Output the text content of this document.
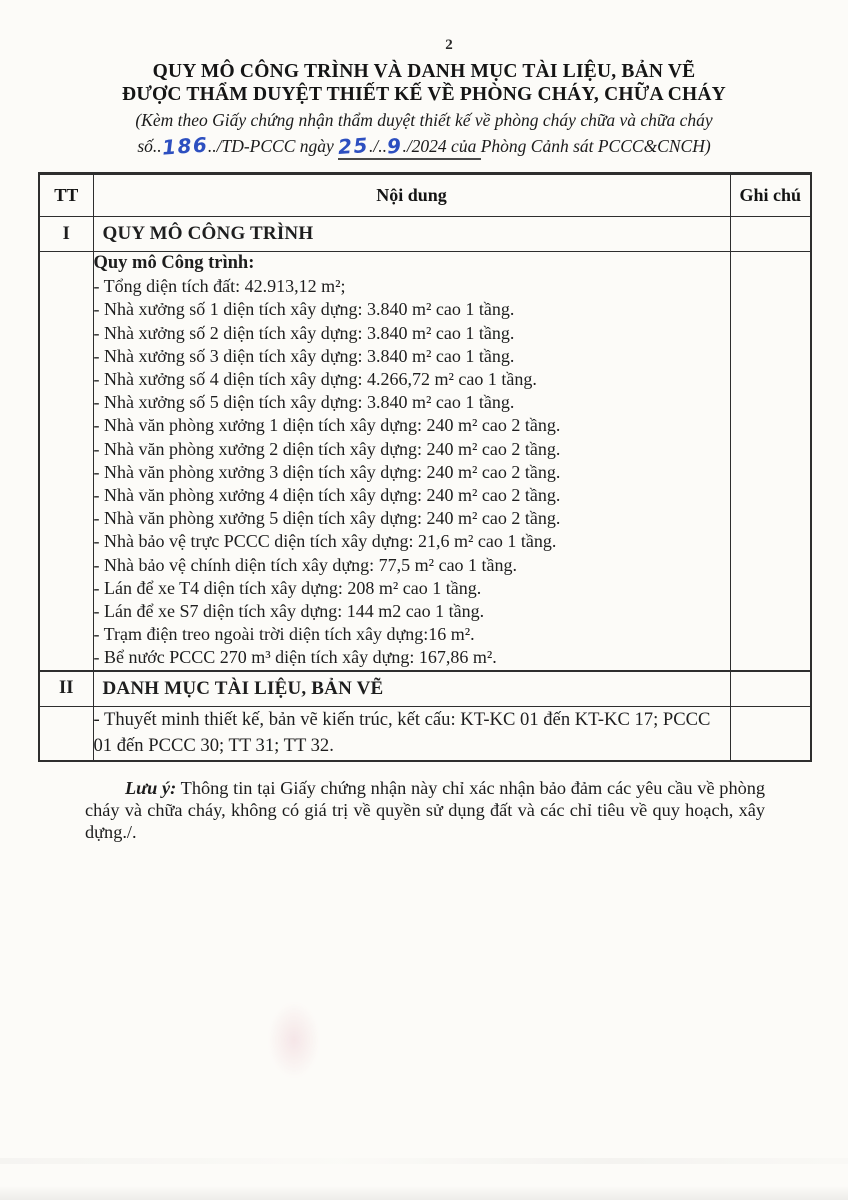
2
QUY MÔ CÔNG TRÌNH VÀ DANH MỤC TÀI LIỆU, BẢN VẼ
ĐƯỢC THẨM DUYỆT THIẾT KẾ VỀ PHÒNG CHÁY, CHỮA CHÁY
(Kèm theo Giấy chứng nhận thẩm duyệt thiết kế về phòng cháy chữa và chữa cháy
số..186../TD-PCCC ngày 25./..9./2024 của Phòng Cảnh sát PCCC&CNCH)
TT	Nội dung	Ghi chú
I	QUY MÔ CÔNG TRÌNH	

Quy mô Công trình:
- Tổng diện tích đất: 42.913,12 m²;
- Nhà xưởng số 1 diện tích xây dựng: 3.840 m² cao 1 tầng.
- Nhà xưởng số 2 diện tích xây dựng: 3.840 m² cao 1 tầng.
- Nhà xưởng số 3 diện tích xây dựng: 3.840 m² cao 1 tầng.
- Nhà xưởng số 4 diện tích xây dựng: 4.266,72 m² cao 1 tầng.
- Nhà xưởng số 5 diện tích xây dựng: 3.840 m² cao 1 tầng.
- Nhà văn phòng xưởng 1 diện tích xây dựng: 240 m² cao 2 tầng.
- Nhà văn phòng xưởng 2 diện tích xây dựng: 240 m² cao 2 tầng.
- Nhà văn phòng xưởng 3 diện tích xây dựng: 240 m² cao 2 tầng.
- Nhà văn phòng xưởng 4 diện tích xây dựng: 240 m² cao 2 tầng.
- Nhà văn phòng xưởng 5 diện tích xây dựng: 240 m² cao 2 tầng.
- Nhà bảo vệ trực PCCC diện tích xây dựng: 21,6 m² cao 1 tầng.
- Nhà bảo vệ chính diện tích xây dựng: 77,5 m² cao 1 tầng.
- Lán để xe T4 diện tích xây dựng: 208 m² cao 1 tầng.
- Lán để xe S7 diện tích xây dựng: 144 m2 cao 1 tầng.
- Trạm điện treo ngoài trời diện tích xây dựng:16 m².
- Bể nước PCCC 270 m³ diện tích xây dựng: 167,86 m².

II	DANH MỤC TÀI LIỆU, BẢN VẼ	
	- Thuyết minh thiết kế, bản vẽ kiến trúc, kết cấu: KT-KC 01 đến KT-KC 17; PCCC 01 đến PCCC 30; TT 31; TT 32.	

Lưu ý: Thông tin tại Giấy chứng nhận này chỉ xác nhận bảo đảm các yêu cầu về phòng cháy và chữa cháy, không có giá trị về quyền sử dụng đất và các chỉ tiêu về quy hoạch, xây dựng./.
